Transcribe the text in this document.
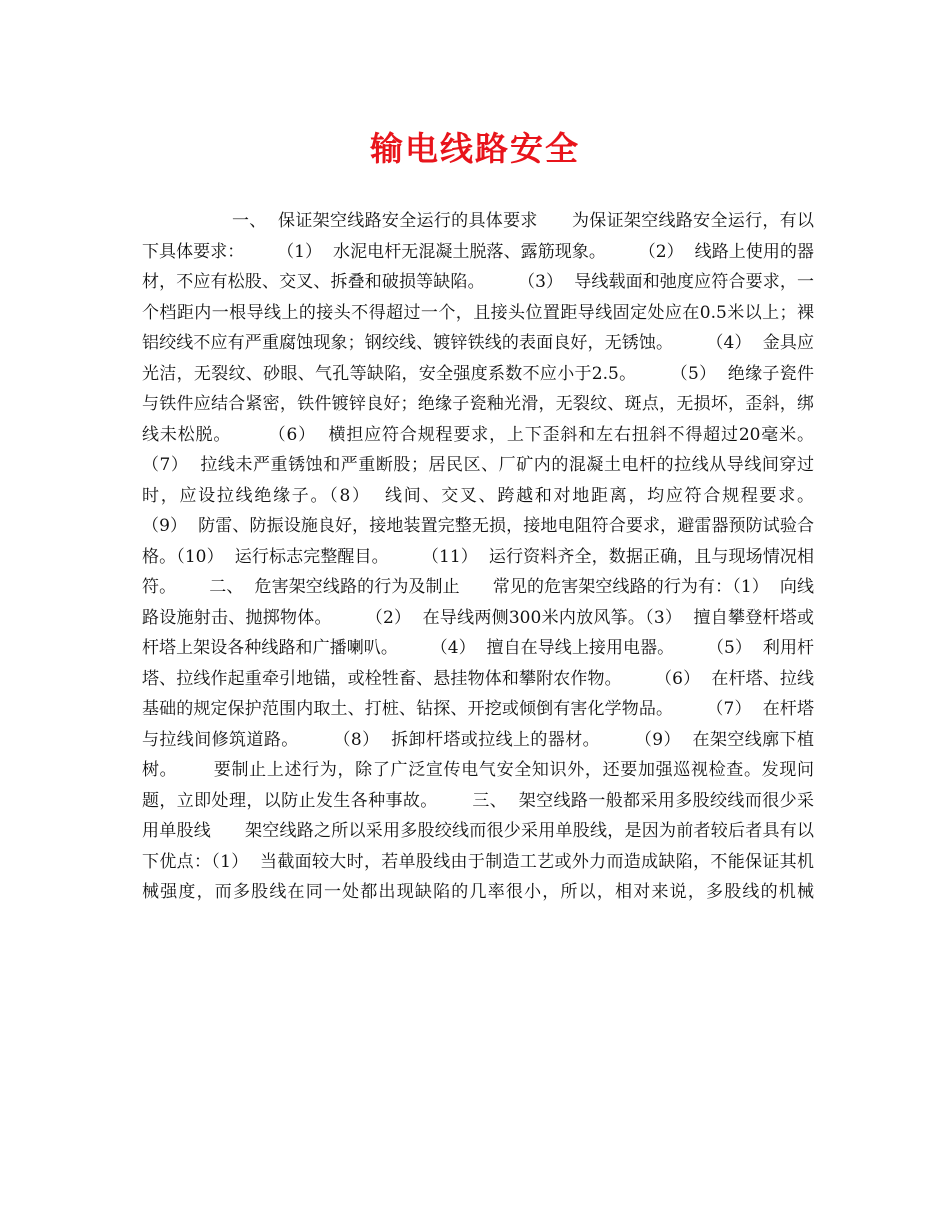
输电线路安全

一、  保证架空线路安全运行的具体要求      为保证架空线路安全运行，有以下具体要求：      （1）  水泥电杆无混凝土脱落、露筋现象。      （2）  线路上使用的器材，不应有松股、交叉、拆叠和破损等缺陷。      （3）  导线载面和弛度应符合要求，一个档距内一根导线上的接头不得超过一个，且接头位置距导线固定处应在0.5米以上；裸铝绞线不应有严重腐蚀现象；钢绞线、镀锌铁线的表面良好，无锈蚀。      （4）  金具应光洁，无裂纹、砂眼、气孔等缺陷，安全强度系数不应小于2.5。      （5）  绝缘子瓷件与铁件应结合紧密，铁件镀锌良好；绝缘子瓷釉光滑，无裂纹、斑点，无损坏，歪斜，绑线未松脱。      （6）  横担应符合规程要求，上下歪斜和左右扭斜不得超过20毫米。      （7）  拉线未严重锈蚀和严重断股；居民区、厂矿内的混凝土电杆的拉线从导线间穿过时，应设拉线绝缘子。（8）  线间、交叉、跨越和对地距离，均应符合规程要求。      （9）  防雷、防振设施良好，接地装置完整无损，接地电阻符合要求，避雷器预防试验合格。（10）  运行标志完整醒目。      （11）  运行资料齐全，数据正确，且与现场情况相符。      二、  危害架空线路的行为及制止      常见的危害架空线路的行为有：（1）  向线路设施射击、抛掷物体。      （2）  在导线两侧300米内放风筝。（3）  擅自攀登杆塔或杆塔上架设各种线路和广播喇叭。      （4）  擅自在导线上接用电器。      （5）  利用杆塔、拉线作起重牵引地锚，或栓牲畜、悬挂物体和攀附农作物。      （6）  在杆塔、拉线基础的规定保护范围内取土、打桩、钻探、开挖或倾倒有害化学物品。      （7）  在杆塔与拉线间修筑道路。      （8）  拆卸杆塔或拉线上的器材。      （9）  在架空线廓下植树。      要制止上述行为，除了广泛宣传电气安全知识外，还要加强巡视检查。发现问题，立即处理，以防止发生各种事故。      三、  架空线路一般都采用多股绞线而很少采用单股线      架空线路之所以采用多股绞线而很少采用单股线，是因为前者较后者具有以下优点：（1）  当截面较大时，若单股线由于制造工艺或外力而造成缺陷，不能保证其机械强度，而多股线在同一处都出现缺陷的几率很小，所以，相对来说，多股线的机械
